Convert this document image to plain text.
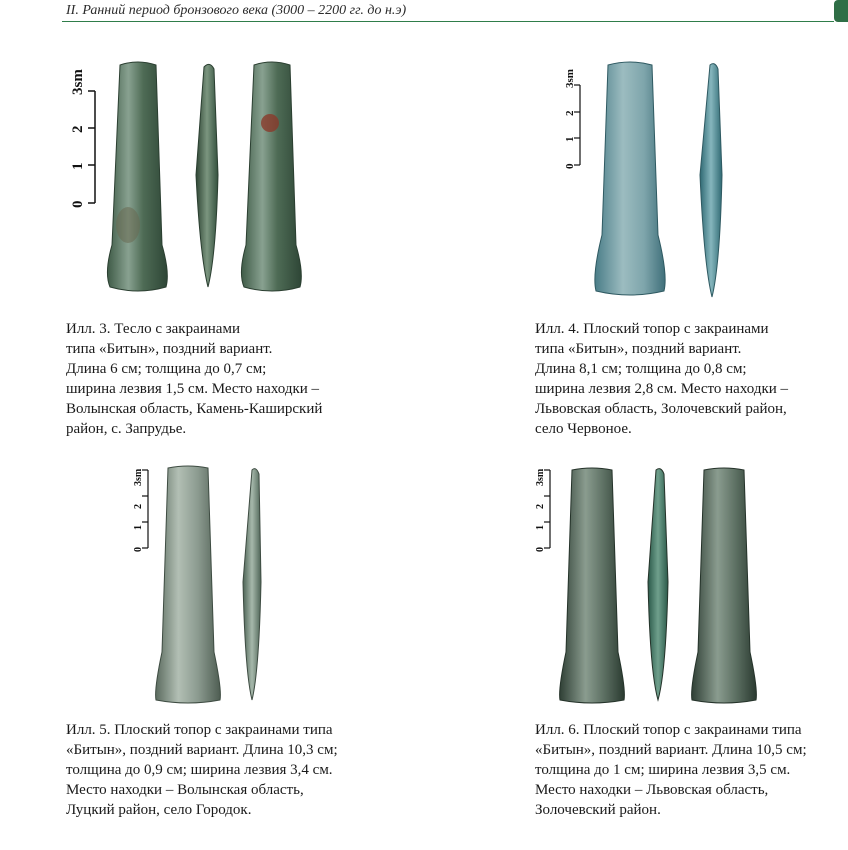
II. Ранний период бронзового века (3000 – 2200 гг. до н.э)
3sm
2
1
0
Илл. 3. Тесло с закраинами
типа «Битын», поздний вариант.
Длина 6 см; толщина до 0,7 см;
ширина лезвия 1,5 см. Место находки –
Волынская область, Камень-Каширский
район, с. Запрудье.
3sm
2
1
0
Илл. 4. Плоский топор с закраинами
типа «Битын», поздний вариант.
Длина 8,1 см; толщина до 0,8 см;
ширина лезвия 2,8 см. Место находки –
Львовская область, Золочевский район,
село Червоное.
3sm
2
1
0
Илл. 5. Плоский топор с закраинами типа
«Битын», поздний вариант. Длина 10,3 см;
толщина до 0,9 см; ширина лезвия 3,4 см.
Место находки – Волынская область,
Луцкий район, село Городок.
3sm
2
1
0
Илл. 6. Плоский топор с закраинами типа
«Битын», поздний вариант. Длина 10,5 см;
толщина до 1 см; ширина лезвия 3,5 см.
Место находки – Львовская область,
Золочевский район.
